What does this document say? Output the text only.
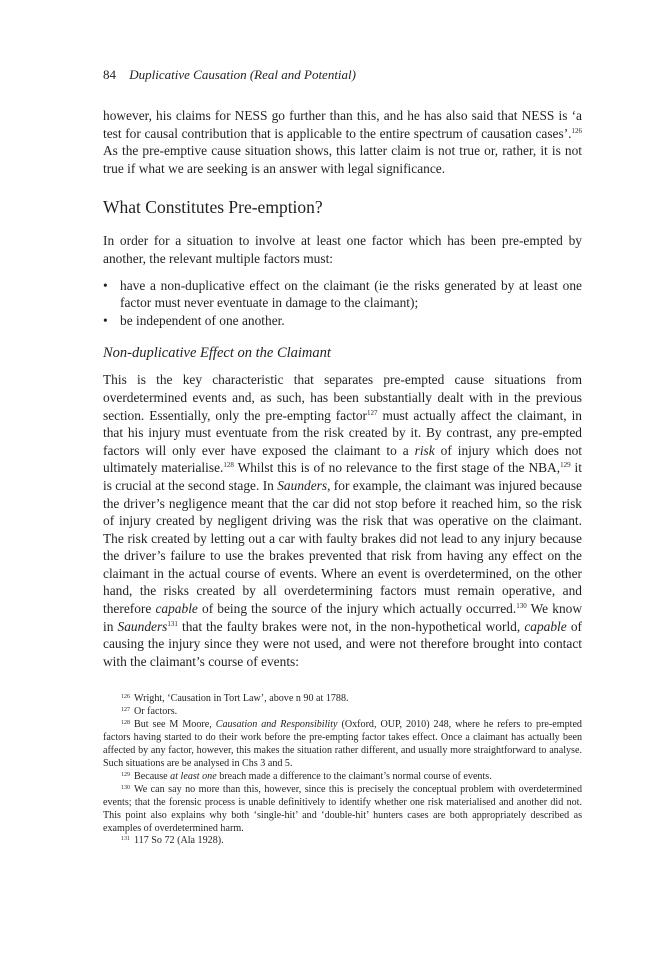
84 Duplicative Causation (Real and Potential)

however, his claims for NESS go further than this, and he has also said that NESS is ‘a test for causal contribution that is applicable to the entire spectrum of causation cases’.$^{126}$ As the pre-emptive cause situation shows, this latter claim is not true or, rather, it is not true if what we are seeking is an answer with legal significance.

What Constitutes Pre-emption?

In order for a situation to involve at least one factor which has been pre-empted by another, the relevant multiple factors must:

• have a non-duplicative effect on the claimant (ie the risks generated by at least one factor must never eventuate in damage to the claimant);
• be independent of one another.
Non-duplicative Effect on the Claimant

This is the key characteristic that separates pre-empted cause situations from overdetermined events and, as such, has been substantially dealt with in the previous section. Essentially, only the pre-empting factor$^{127}$ must actually affect the claimant, in that his injury must eventuate from the risk created by it. By contrast, any pre-empted factors will only ever have exposed the claimant to a risk of injury which does not ultimately materialise.$^{128}$ Whilst this is of no relevance to the first stage of the NBA,$^{129}$ it is crucial at the second stage. In Saunders, for example, the claimant was injured because the driver’s negligence meant that the car did not stop before it reached him, so the risk of injury created by negligent driving was the risk that was operative on the claimant. The risk created by letting out a car with faulty brakes did not lead to any injury because the driver’s failure to use the brakes prevented that risk from having any effect on the claimant in the actual course of events. Where an event is overdetermined, on the other hand, the risks created by all overdetermining factors must remain operative, and therefore capable of being the source of the injury which actually occurred.$^{130}$ We know in Saunders$^{131}$ that the faulty brakes were not, in the non-hypothetical world, capable of causing the injury since they were not used, and were not therefore brought into contact with the claimant’s course of events:

$^{126}$ Wright, ‘Causation in Tort Law’, above n 90 at 1788.

$^{127}$ Or factors.

$^{128}$ But see M Moore, Causation and Responsibility (Oxford, OUP, 2010) 248, where he refers to pre-empted factors having started to do their work before the pre-empting factor takes effect. Once a claimant has actually been affected by any factor, however, this makes the situation rather different, and usually more straightforward to analyse. Such situations are be analysed in Chs 3 and 5.

$^{129}$ Because at least one breach made a difference to the claimant’s normal course of events.

$^{130}$ We can say no more than this, however, since this is precisely the conceptual problem with overdetermined events; that the forensic process is unable definitively to identify whether one risk materialised and another did not. This point also explains why both ‘single-hit’ and ‘double-hit’ hunters cases are both appropriately described as examples of overdetermined harm.

$^{131}$ 117 So 72 (Ala 1928).
